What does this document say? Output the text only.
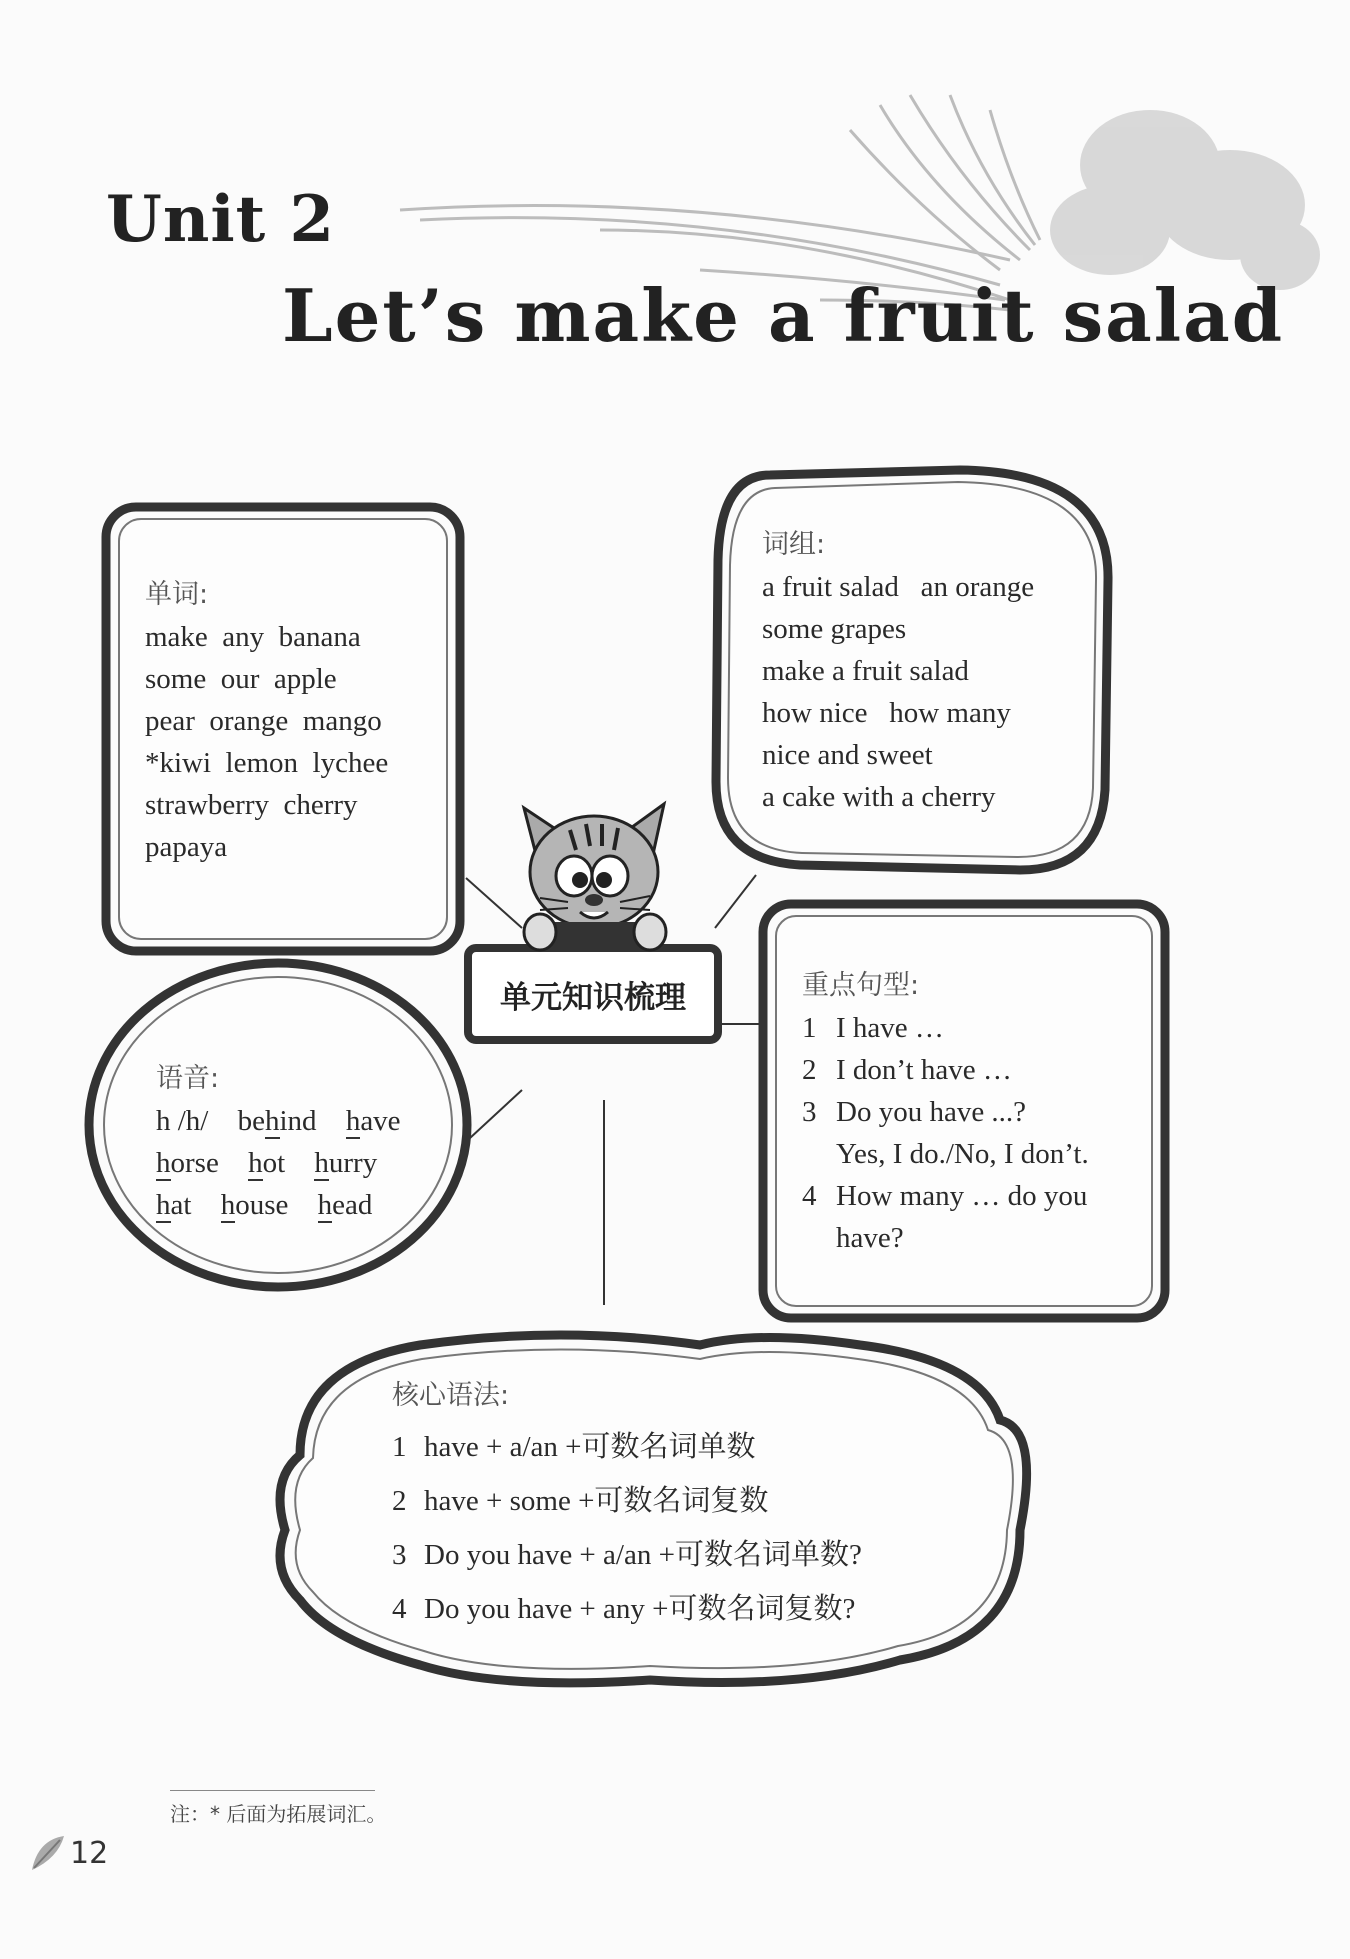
Unit 2
Let’s make a fruit salad
单元知识梳理
单词:
make  any  banana
some  our  apple
pear  orange  mango
*kiwi  lemon  lychee
strawberry  cherry
papaya
词组:
a fruit salad   an orange
some grapes
make a fruit salad
how nice   how many
nice and sweet
a cake with a cherry
语音:
h /h/ behind have
horse hot hurry
hat house head
重点句型:
1 I have …
2 I don’t have …
3 Do you have ...?
Yes, I do./No, I don’t.
4 How many … do you
have?
核心语法:
1 have + a/an +可数名词单数
2 have + some +可数名词复数
3 Do you have + a/an +可数名词单数?
4 Do you have + any +可数名词复数?
注：* 后面为拓展词汇。
12
